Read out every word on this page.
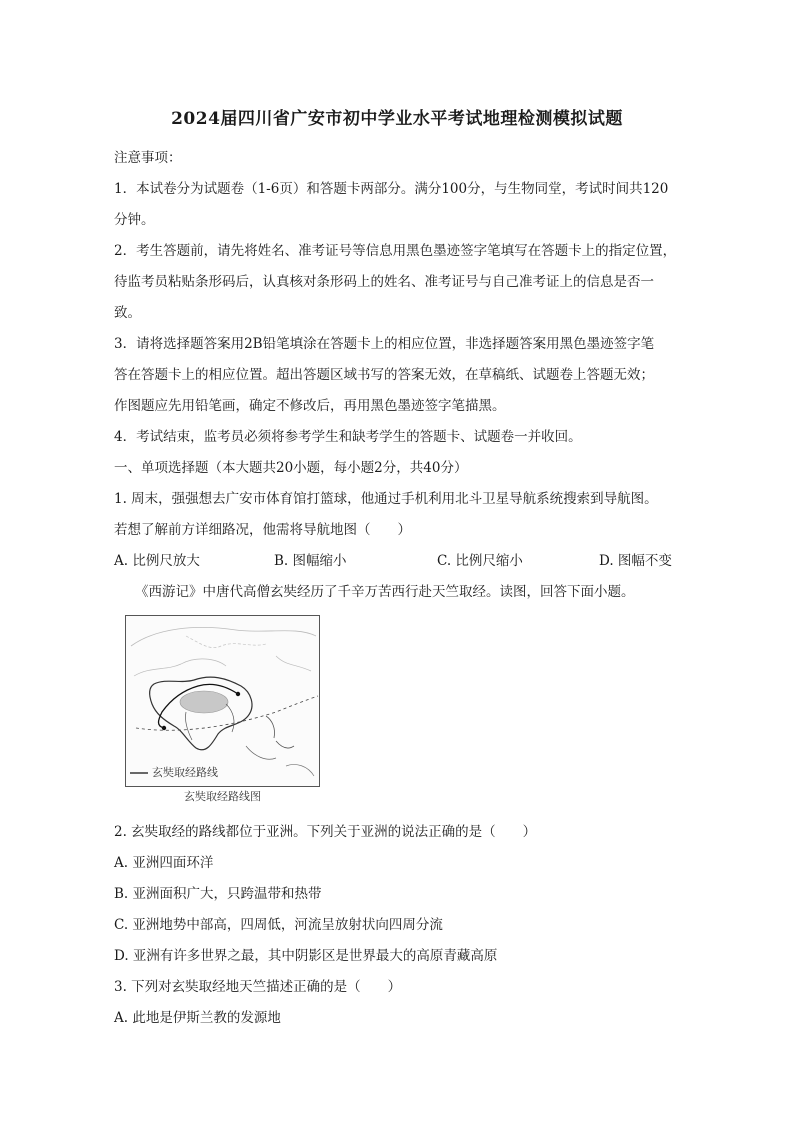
2024届四川省广安市初中学业水平考试地理检测模拟试题
注意事项：
1．本试卷分为试题卷（1-6页）和答题卡两部分。满分100分，与生物同堂，考试时间共120
分钟。
2．考生答题前，请先将姓名、准考证号等信息用黑色墨迹签字笔填写在答题卡上的指定位置，
待监考员粘贴条形码后，认真核对条形码上的姓名、准考证号与自己准考证上的信息是否一
致。
3．请将选择题答案用2B铅笔填涂在答题卡上的相应位置，非选择题答案用黑色墨迹签字笔
答在答题卡上的相应位置。超出答题区域书写的答案无效，在草稿纸、试题卷上答题无效；
作图题应先用铅笔画，确定不修改后，再用黑色墨迹签字笔描黑。
4．考试结束，监考员必须将参考学生和缺考学生的答题卡、试题卷一并收回。
一、单项选择题（本大题共20小题，每小题2分，共40分）
1. 周末，强强想去广安市体育馆打篮球，他通过手机利用北斗卫星导航系统搜索到导航图。
若想了解前方详细路况，他需将导航地图（　　）
A. 比例尺放大	B. 图幅缩小	C. 比例尺缩小	D. 图幅不变
《西游记》中唐代高僧玄奘经历了千辛万苦西行赴天竺取经。读图，回答下面小题。
玄奘取经路线
玄奘取经路线图
2. 玄奘取经的路线都位于亚洲。下列关于亚洲的说法正确的是（　　）
A. 亚洲四面环洋
B. 亚洲面积广大，只跨温带和热带
C. 亚洲地势中部高，四周低，河流呈放射状向四周分流
D. 亚洲有许多世界之最，其中阴影区是世界最大的高原青藏高原
3. 下列对玄奘取经地天竺描述正确的是（　　）
A. 此地是伊斯兰教的发源地
